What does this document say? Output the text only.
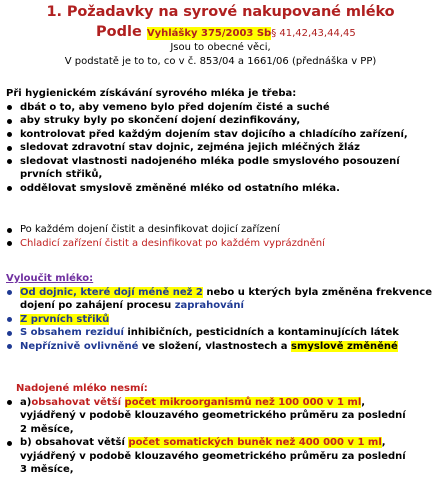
1. Požadavky na syrové nakupované mléko
Podle Vyhlášky 375/2003 Sb§ 41,42,43,44,45
Jsou to obecné věci,
V podstatě je to to, co v č. 853/04 a 1661/06 (přednáška v PP)
Při hygienickém získávání syrového mléka je třeba:
dbát o to, aby vemeno bylo před dojením čisté a suché
aby struky byly po skončení dojení dezinfikovány,
kontrolovat před každým dojením stav dojicího a chladícího zařízení,
sledovat zdravotní stav dojnic, zejména jejich mléčných žláz
sledovat vlastnosti nadojeného mléka podle smyslového posouzení prvních střiků,
oddělovat smyslově změněné mléko od ostatního mléka.
Po každém dojení čistit a desinfikovat dojicí zařízení
Chladicí zařízení čistit a desinfikovat po každém vyprázdnění
Vyloučit mléko:
Od dojnic, které dojí méně než 2 nebo u kterých byla změněna frekvence dojení po zahájení procesu zaprahování
Z prvních střiků
S obsahem reziduí inhibičních, pesticidních a kontaminujících látek
Nepříznivě ovlivněné ve složení, vlastnostech a smyslově změněné
Nadojené mléko nesmí:
a)obsahovat větší počet mikroorganismů než 100 000 v 1 ml, vyjádřený v podobě klouzavého geometrického průměru za poslední 2 měsíce,
b) obsahovat větší počet somatických buněk než 400 000 v 1 ml, vyjádřený v podobě klouzavého geometrického průměru za poslední 3 měsíce,
